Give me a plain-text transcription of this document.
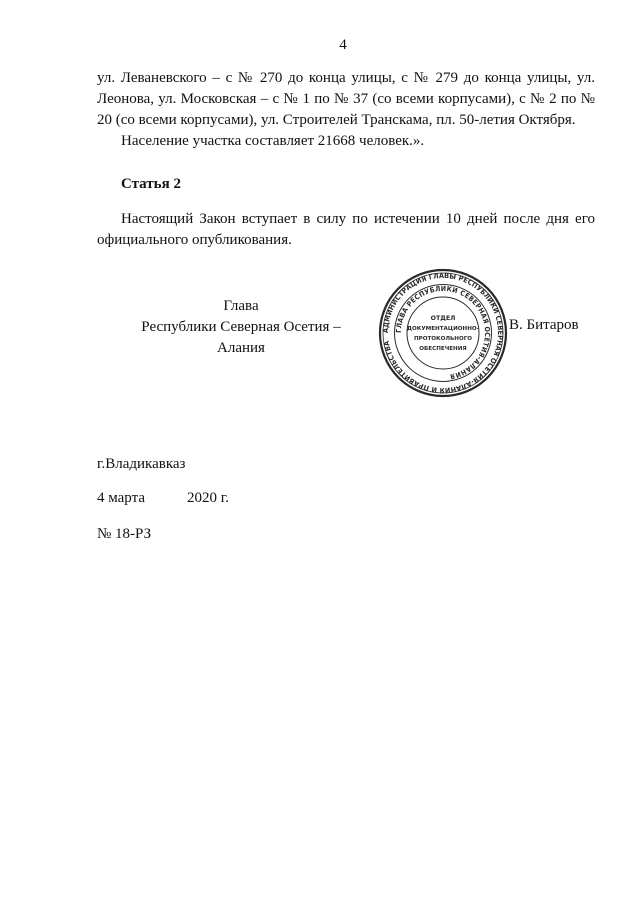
4

ул. Леваневского – с № 270 до конца улицы, с № 279 до конца улицы, ул. Леонова, ул. Московская – с № 1 по № 37 (со всеми корпусами), с № 2 по № 20 (со всеми корпусами), ул. Строителей Транскама, пл. 50-летия Октября.

Население участка составляет 21668 человек.».

Статья 2

Настоящий Закон вступает в силу по истечении 10 дней после дня его официального опубликования.

Глава
Республики Северная Осетия – Алания
АДМИНИСТРАЦИЯ ГЛАВЫ РЕСПУБЛИКИ СЕВЕРНАЯ ОСЕТИЯ-АЛАНИЯ И ПРАВИТЕЛЬСТВА
ГЛАВА РЕСПУБЛИКИ СЕВЕРНАЯ ОСЕТИЯ-АЛАНИЯ
ОТДЕЛ
ДОКУМЕНТАЦИОННО-
ПРОТОКОЛЬНОГО
ОБЕСПЕЧЕНИЯ
В. Битаров
г.Владикавказ
4 марта	2020 г.
№ 18-РЗ
